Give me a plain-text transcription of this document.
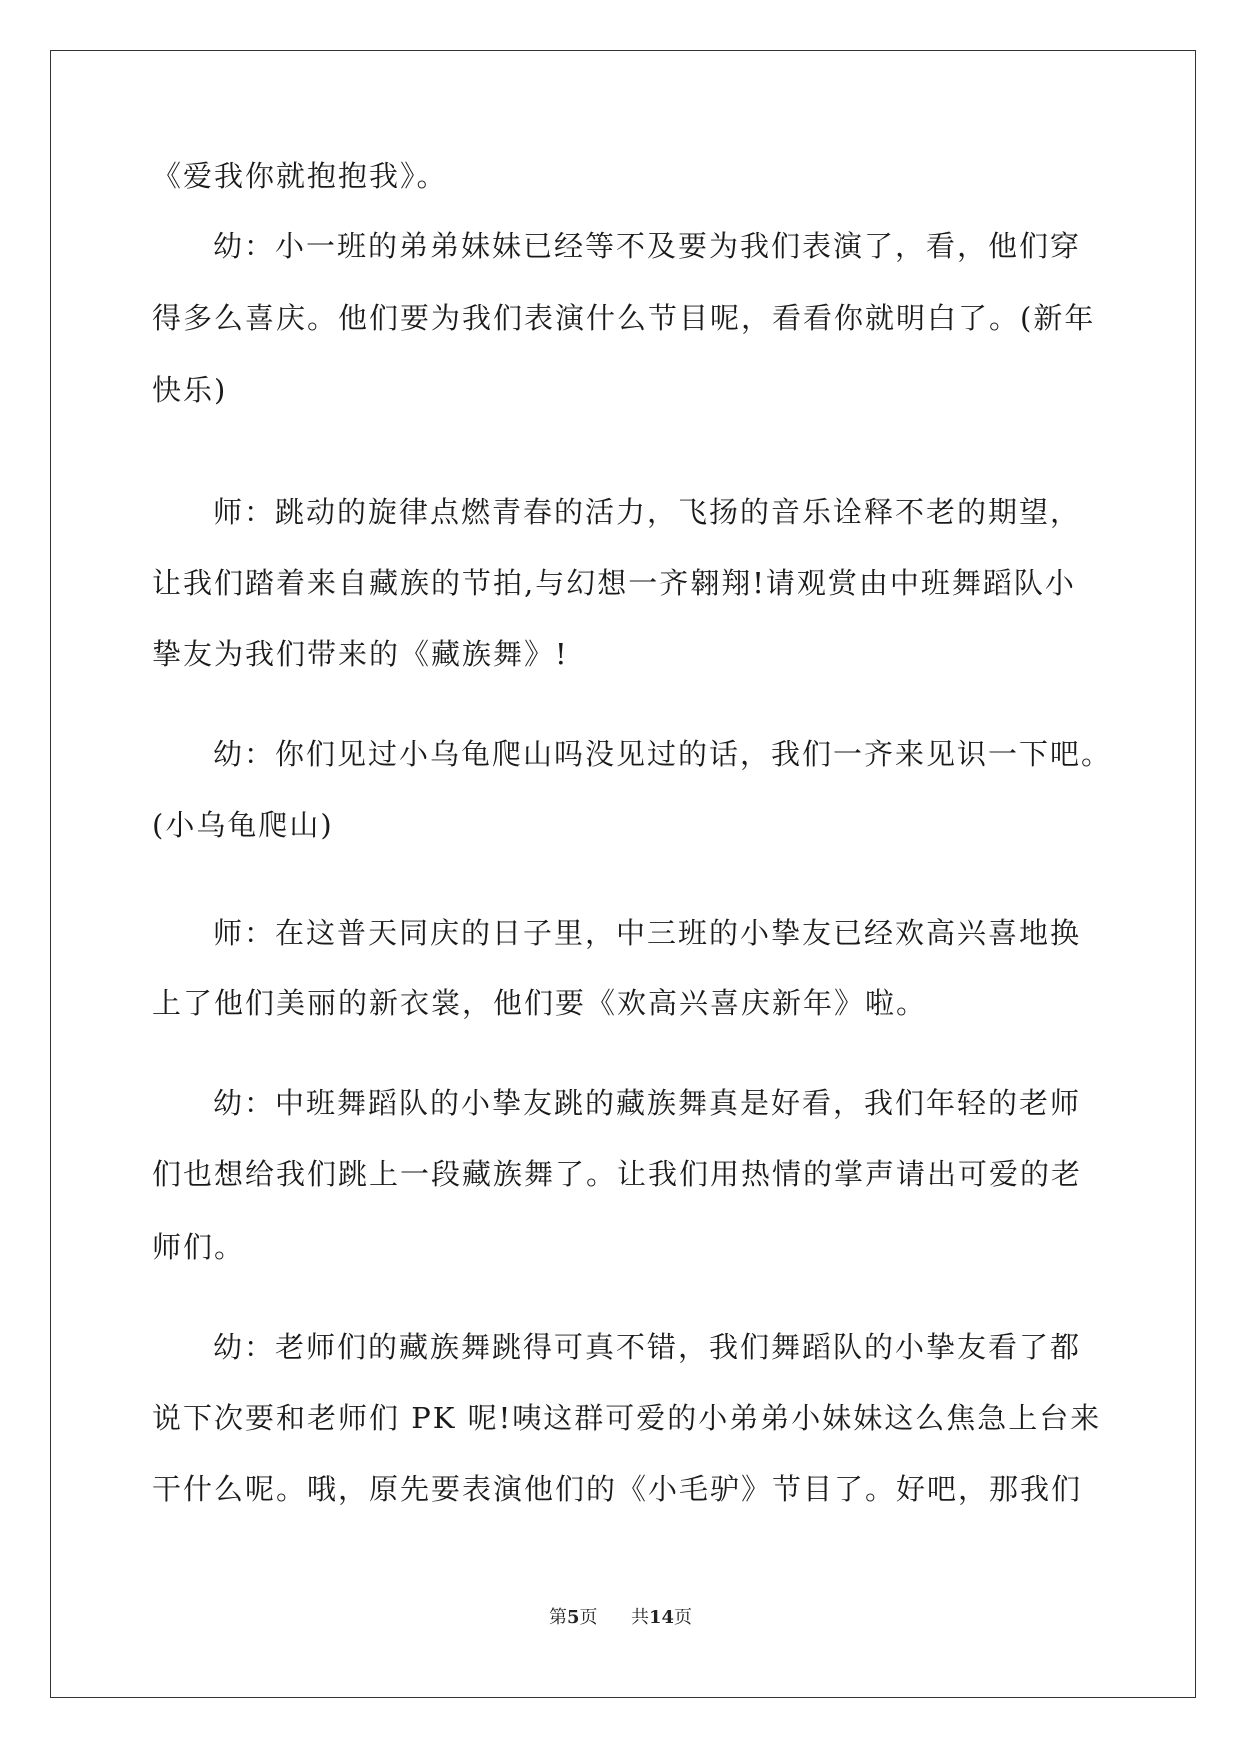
《爱我你就抱抱我》。
幼：小一班的弟弟妹妹已经等不及要为我们表演了，看，他们穿
得多么喜庆。他们要为我们表演什么节目呢，看看你就明白了。(新年
快乐)
师：跳动的旋律点燃青春的活力，飞扬的音乐诠释不老的期望，
让我们踏着来自藏族的节拍,与幻想一齐翱翔!请观赏由中班舞蹈队小
挚友为我们带来的《藏族舞》!
幼：你们见过小乌龟爬山吗没见过的话，我们一齐来见识一下吧。
(小乌龟爬山)
师：在这普天同庆的日子里，中三班的小挚友已经欢高兴喜地换
上了他们美丽的新衣裳，他们要《欢高兴喜庆新年》啦。
幼：中班舞蹈队的小挚友跳的藏族舞真是好看，我们年轻的老师
们也想给我们跳上一段藏族舞了。让我们用热情的掌声请出可爱的老
师们。
幼：老师们的藏族舞跳得可真不错，我们舞蹈队的小挚友看了都
说下次要和老师们 PK 呢!咦这群可爱的小弟弟小妹妹这么焦急上台来
干什么呢。哦，原先要表演他们的《小毛驴》节目了。好吧，那我们
第5页 共14页
